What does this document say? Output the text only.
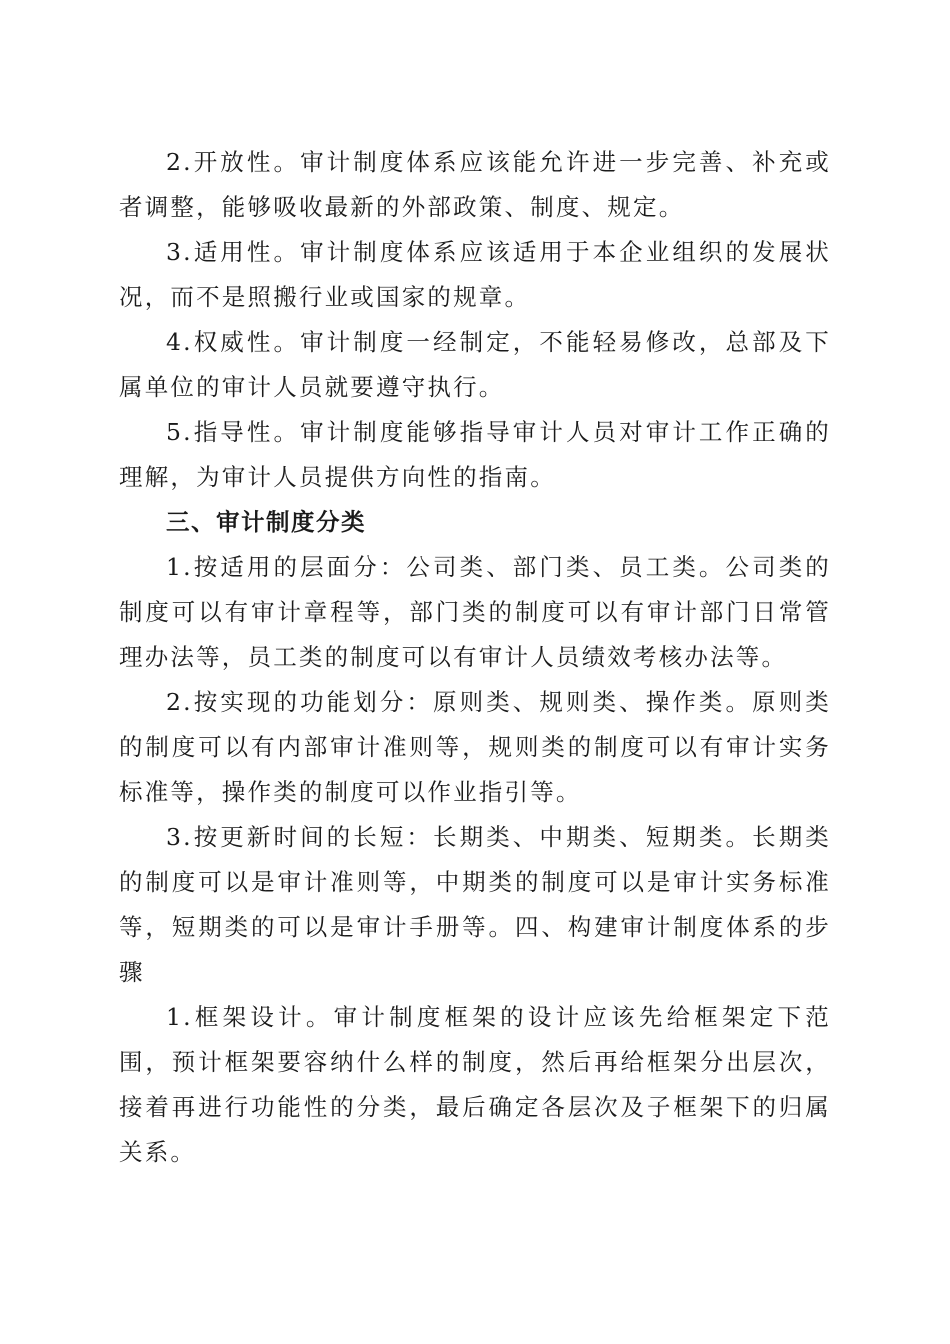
2.开放性。审计制度体系应该能允许进一步完善、补充或者调整，能够吸收最新的外部政策、制度、规定。

3.适用性。审计制度体系应该适用于本企业组织的发展状况，而不是照搬行业或国家的规章。

4.权威性。审计制度一经制定，不能轻易修改，总部及下属单位的审计人员就要遵守执行。

5.指导性。审计制度能够指导审计人员对审计工作正确的理解，为审计人员提供方向性的指南。

三、审计制度分类

1.按适用的层面分：公司类、部门类、员工类。公司类的制度可以有审计章程等，部门类的制度可以有审计部门日常管理办法等，员工类的制度可以有审计人员绩效考核办法等。

2.按实现的功能划分：原则类、规则类、操作类。原则类的制度可以有内部审计准则等，规则类的制度可以有审计实务标准等，操作类的制度可以作业指引等。

3.按更新时间的长短：长期类、中期类、短期类。长期类的制度可以是审计准则等，中期类的制度可以是审计实务标准等，短期类的可以是审计手册等。四、构建审计制度体系的步骤

1.框架设计。审计制度框架的设计应该先给框架定下范围，预计框架要容纳什么样的制度，然后再给框架分出层次，接着再进行功能性的分类，最后确定各层次及子框架下的归属关系。
